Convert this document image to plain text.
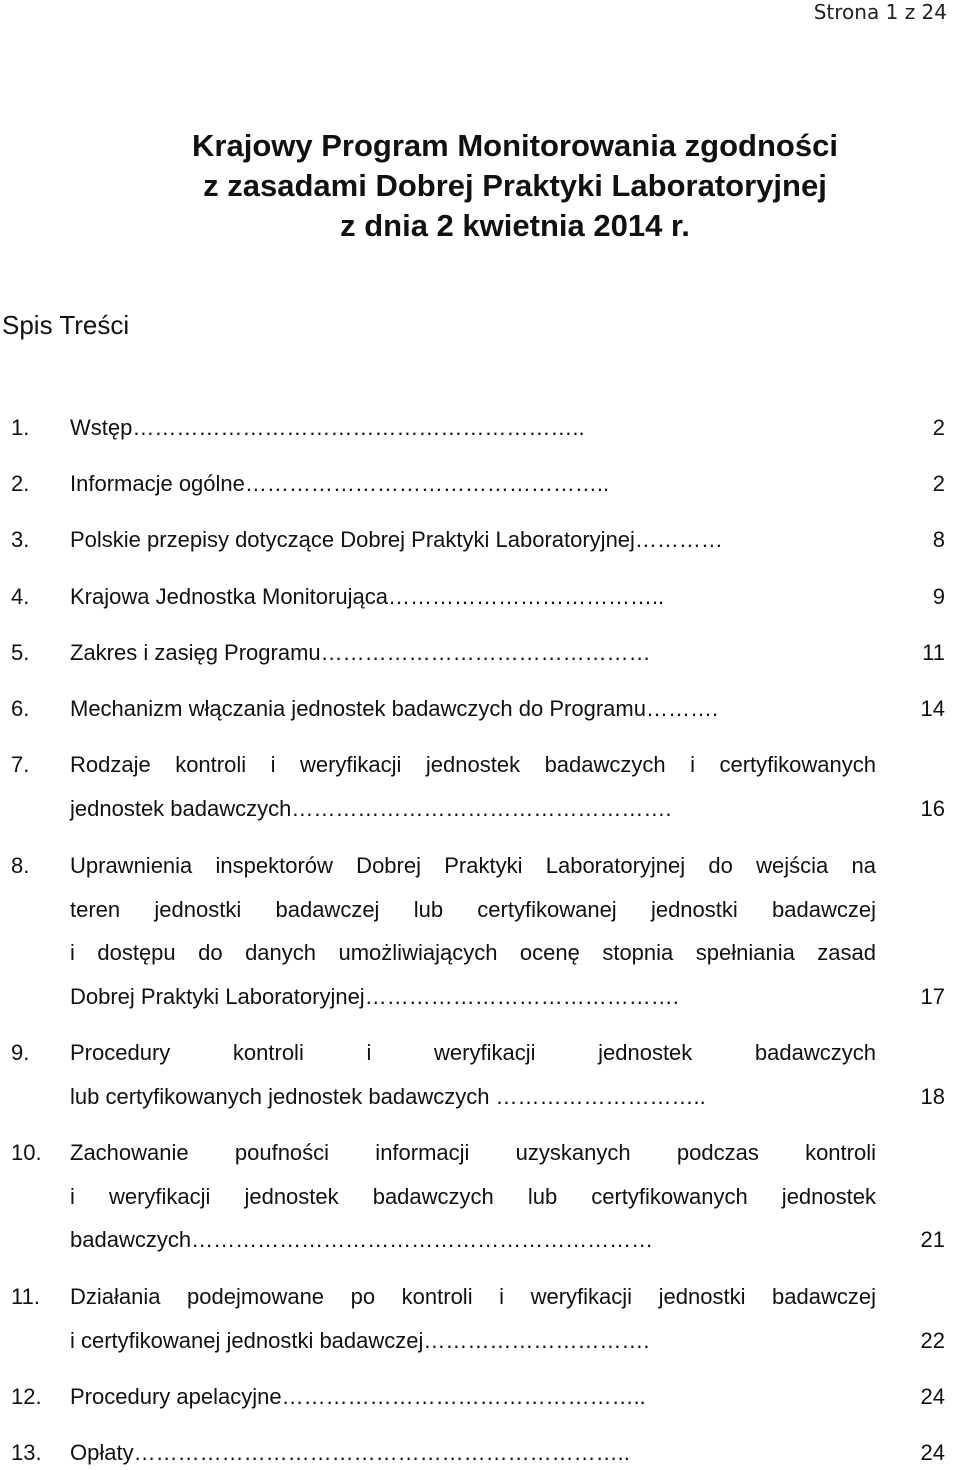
Strona 1 z 24
Krajowy Program Monitorowania zgodności
z zasadami Dobrej Praktyki Laboratoryjnej
z dnia 2 kwietnia 2014 r.
Spis Treści
1. Wstęp……………………………………………………..	2
2. Informacje ogólne…………………………………………..	2
3. Polskie przepisy dotyczące Dobrej Praktyki Laboratoryjnej…………	8
4. Krajowa Jednostka Monitorująca………………………………..	9
5. Zakres i zasięg Programu………………………………………	11
6. Mechanizm włączania jednostek badawczych do Programu……….	14
7. Rodzaje kontroli i weryfikacji jednostek badawczych i certyfikowanych
jednostek badawczych…………………………………………….	16
8. Uprawnienia inspektorów Dobrej Praktyki Laboratoryjnej do wejścia na
teren jednostki badawczej lub certyfikowanej jednostki badawczej
i dostępu do danych umożliwiających ocenę stopnia spełniania zasad
Dobrej Praktyki Laboratoryjnej…………………………………….	17
9. Procedury kontroli i weryfikacji jednostek badawczych
lub certyfikowanych jednostek badawczych ………………………..	18
10. Zachowanie poufności informacji uzyskanych podczas kontroli
i weryfikacji jednostek badawczych lub certyfikowanych jednostek
badawczych………………………………………………………	21
11. Działania podejmowane po kontroli i weryfikacji jednostki badawczej
i certyfikowanej jednostki badawczej………………………….	22
12. Procedury apelacyjne…………………………………………..	24
13. Opłaty…………………………………………………………..	24
